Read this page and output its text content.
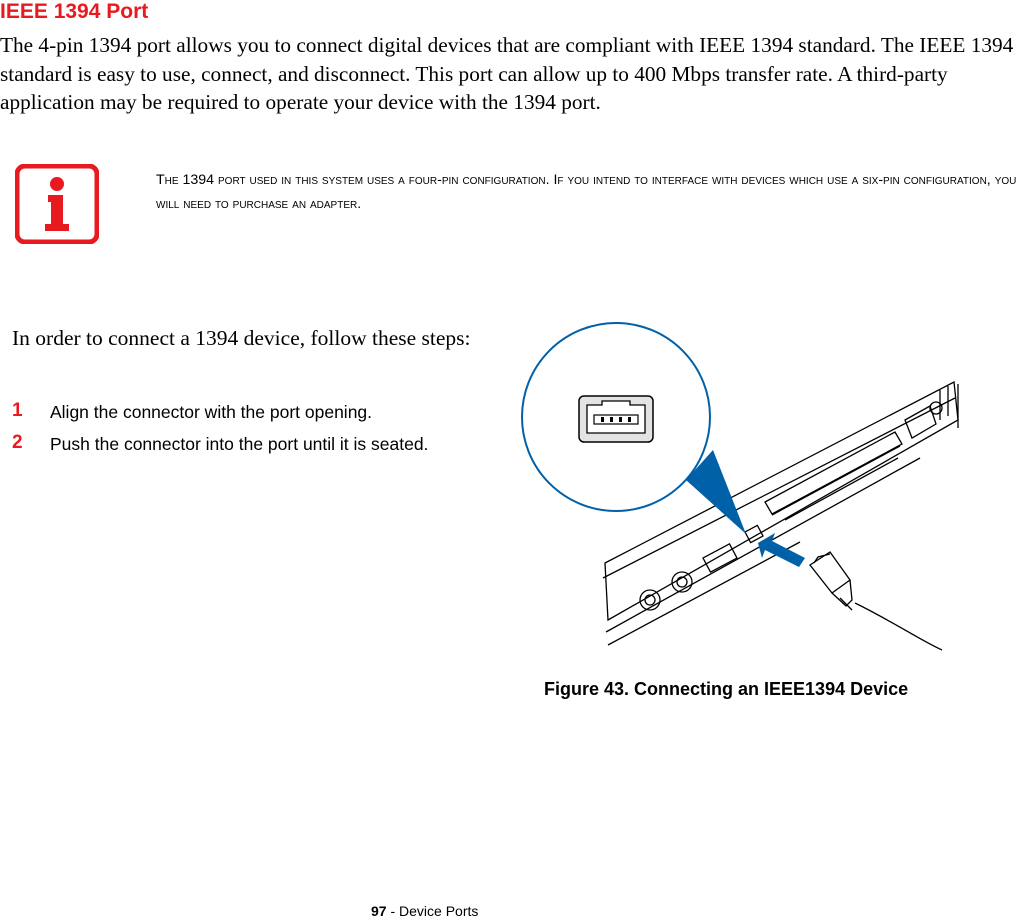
IEEE 1394 Port

The 4-pin 1394 port allows you to connect digital devices that are compliant with IEEE 1394 standard. The IEEE 1394 standard is easy to use, connect, and disconnect. This port can allow up to 400 Mbps transfer rate. A third-party application may be required to operate your device with the 1394 port.

The 1394 port used in this system uses a four-pin configuration. If you intend to interface with devices which use a six-pin configuration, you will need to purchase an adapter.

In order to connect a 1394 device, follow these steps:

1 Align the connector with the port opening.
2 Push the connector into the port until it is seated.

Figure 43. Connecting an IEEE1394 Device

97 - Device Ports
